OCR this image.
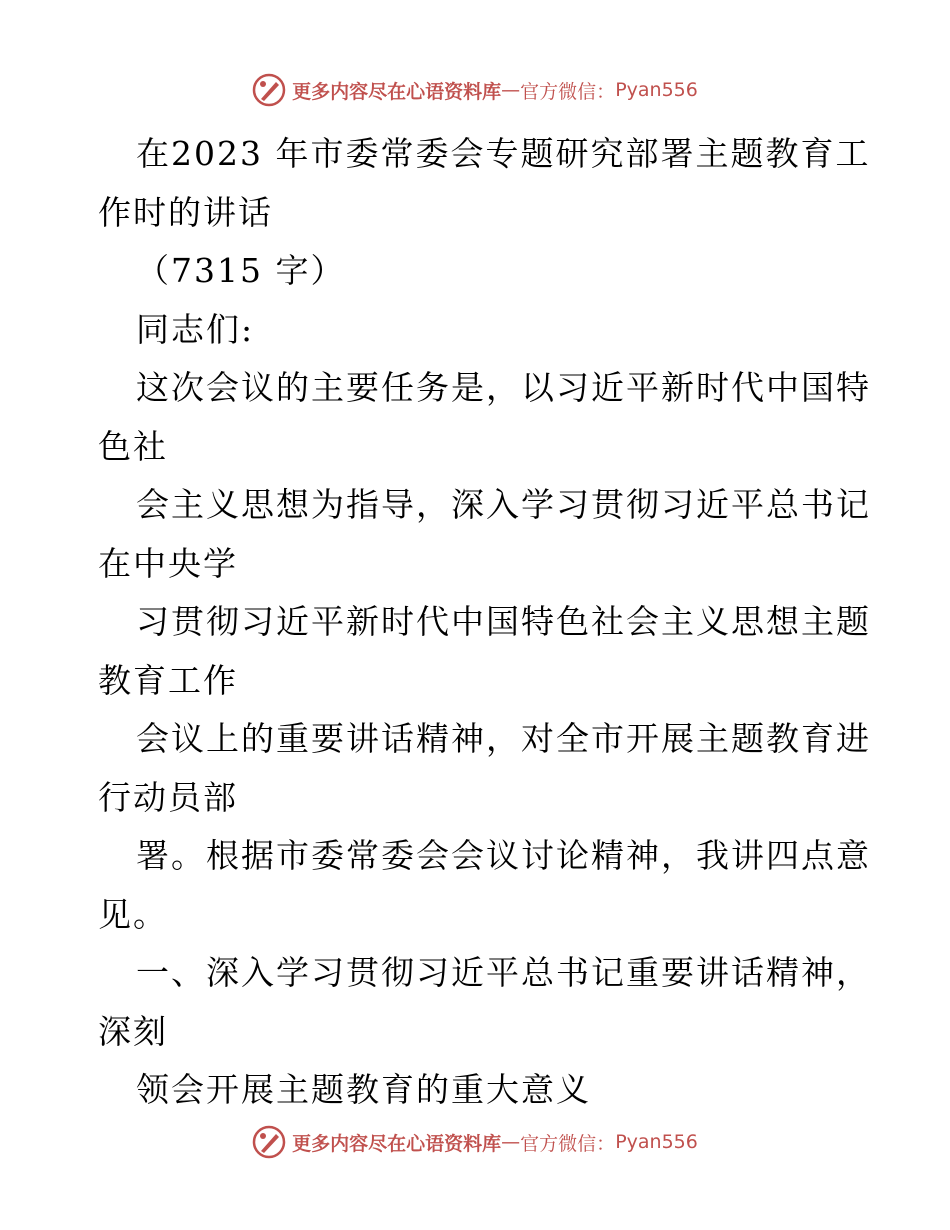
更多内容尽在心语资料库 — 官方微信： Pyan556
在2023 年市委常委会专题研究部署主题教育工
作时的讲话
（7315 字）
同志们:
这次会议的主要任务是，以习近平新时代中国特
色社
会主义思想为指导，深入学习贯彻习近平总书记
在中央学
习贯彻习近平新时代中国特色社会主义思想主题
教育工作
会议上的重要讲话精神，对全市开展主题教育进
行动员部
署。根据市委常委会会议讨论精神，我讲四点意
见。
一、深入学习贯彻习近平总书记重要讲话精神，
深刻
领会开展主题教育的重大意义
更多内容尽在心语资料库 — 官方微信： Pyan556
